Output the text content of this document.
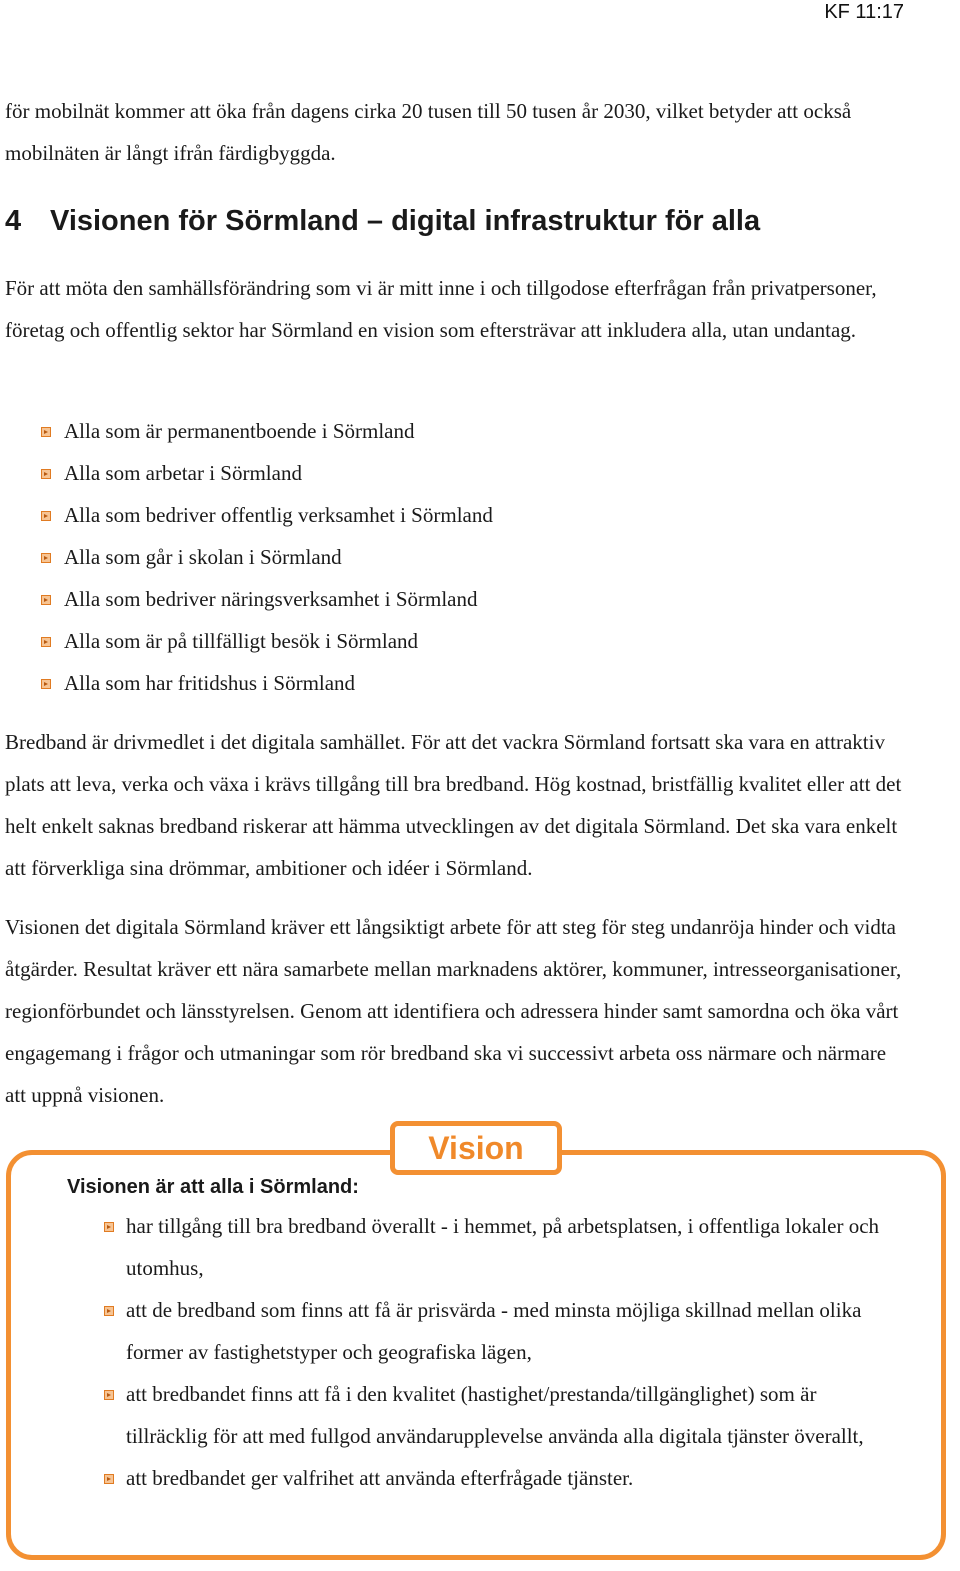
KF 11:17

för mobilnät kommer att öka från dagens cirka 20 tusen till 50 tusen år 2030, vilket betyder att också mobilnäten är långt ifrån färdigbyggda.

4 Visionen för Sörmland – digital infrastruktur för alla

För att möta den samhällsförändring som vi är mitt inne i och tillgodose efterfrågan från privatpersoner, företag och offentlig sektor har Sörmland en vision som eftersträvar att inkludera alla, utan undantag.

Alla som är permanentboende i Sörmland
Alla som arbetar i Sörmland
Alla som bedriver offentlig verksamhet i Sörmland
Alla som går i skolan i Sörmland
Alla som bedriver näringsverksamhet i Sörmland
Alla som är på tillfälligt besök i Sörmland
Alla som har fritidshus i Sörmland

Bredband är drivmedlet i det digitala samhället. För att det vackra Sörmland fortsatt ska vara en attraktiv plats att leva, verka och växa i krävs tillgång till bra bredband. Hög kostnad, bristfällig kvalitet eller att det helt enkelt saknas bredband riskerar att hämma utvecklingen av det digitala Sörmland. Det ska vara enkelt att förverkliga sina drömmar, ambitioner och idéer i Sörmland.

Visionen det digitala Sörmland kräver ett långsiktigt arbete för att steg för steg undanröja hinder och vidta åtgärder. Resultat kräver ett nära samarbete mellan marknadens aktörer, kommuner, intresseorganisationer, regionförbundet och länsstyrelsen. Genom att identifiera och adressera hinder samt samordna och öka vårt engagemang i frågor och utmaningar som rör bredband ska vi successivt arbeta oss närmare och närmare att uppnå visionen.

Vision

Visionen är att alla i Sörmland:

har tillgång till bra bredband överallt - i hemmet, på arbetsplatsen, i offentliga lokaler och utomhus,
att de bredband som finns att få är prisvärda - med minsta möjliga skillnad mellan olika former av fastighetstyper och geografiska lägen,
att bredbandet finns att få i den kvalitet (hastighet/prestanda/tillgänglighet) som är tillräcklig för att med fullgod användarupplevelse använda alla digitala tjänster överallt,
att bredbandet ger valfrihet att använda efterfrågade tjänster.
